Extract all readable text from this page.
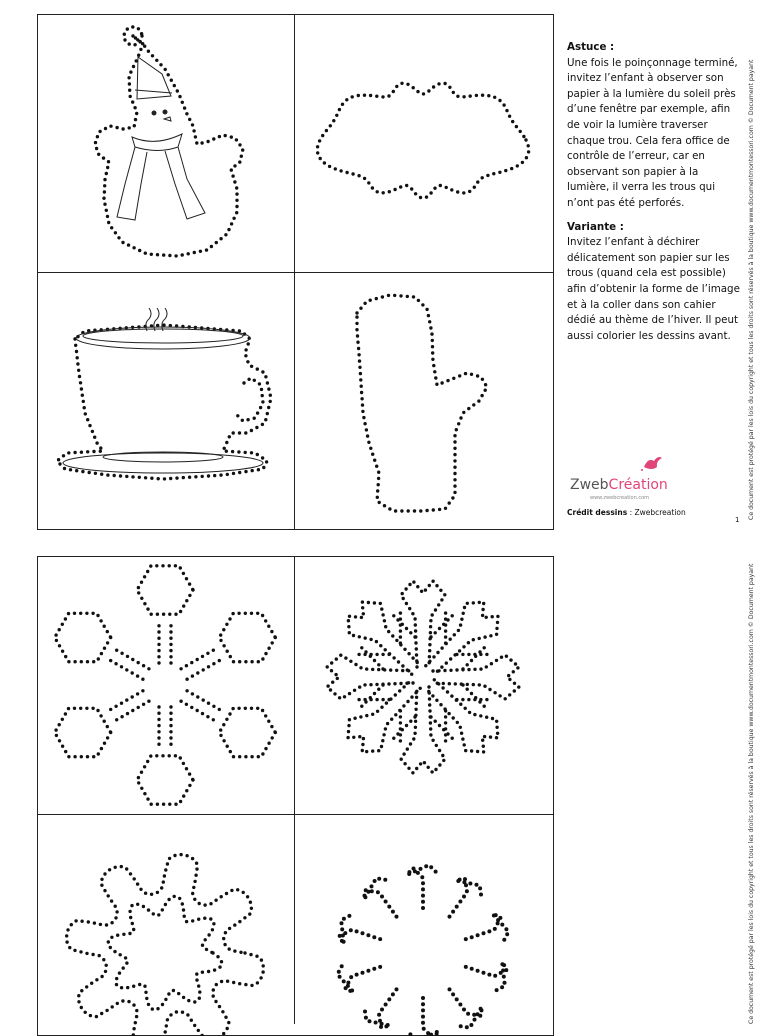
Astuce :

Une fois le poinçonnage terminé, invitez l’enfant à observer son papier à la lumière du soleil près d’une fenêtre par exemple, afin de voir la lumière traverser chaque trou. Cela fera office de contrôle de l’erreur, car en observant son papier à la lumière, il verra les trous qui n’ont pas été perforés.

Variante :

Invitez l’enfant à déchirer délicatement son papier sur les trous (quand cela est possible) afin d’obtenir la forme de l’image et à la coller dans son cahier dédié au thème de l’hiver. Il peut aussi colorier les dessins avant.

ZwebCréation
www.zwebcreation.com
Crédit dessins : Zwebcreation
1 Ce document est protégé par les lois du copyright et tous les droits sont réservés à la boutique www.documentmontessori.com © Document payant
Ce document est protégé par les lois du copyright et tous les droits sont réservés à la boutique www.documentmontessori.com © Document payant
